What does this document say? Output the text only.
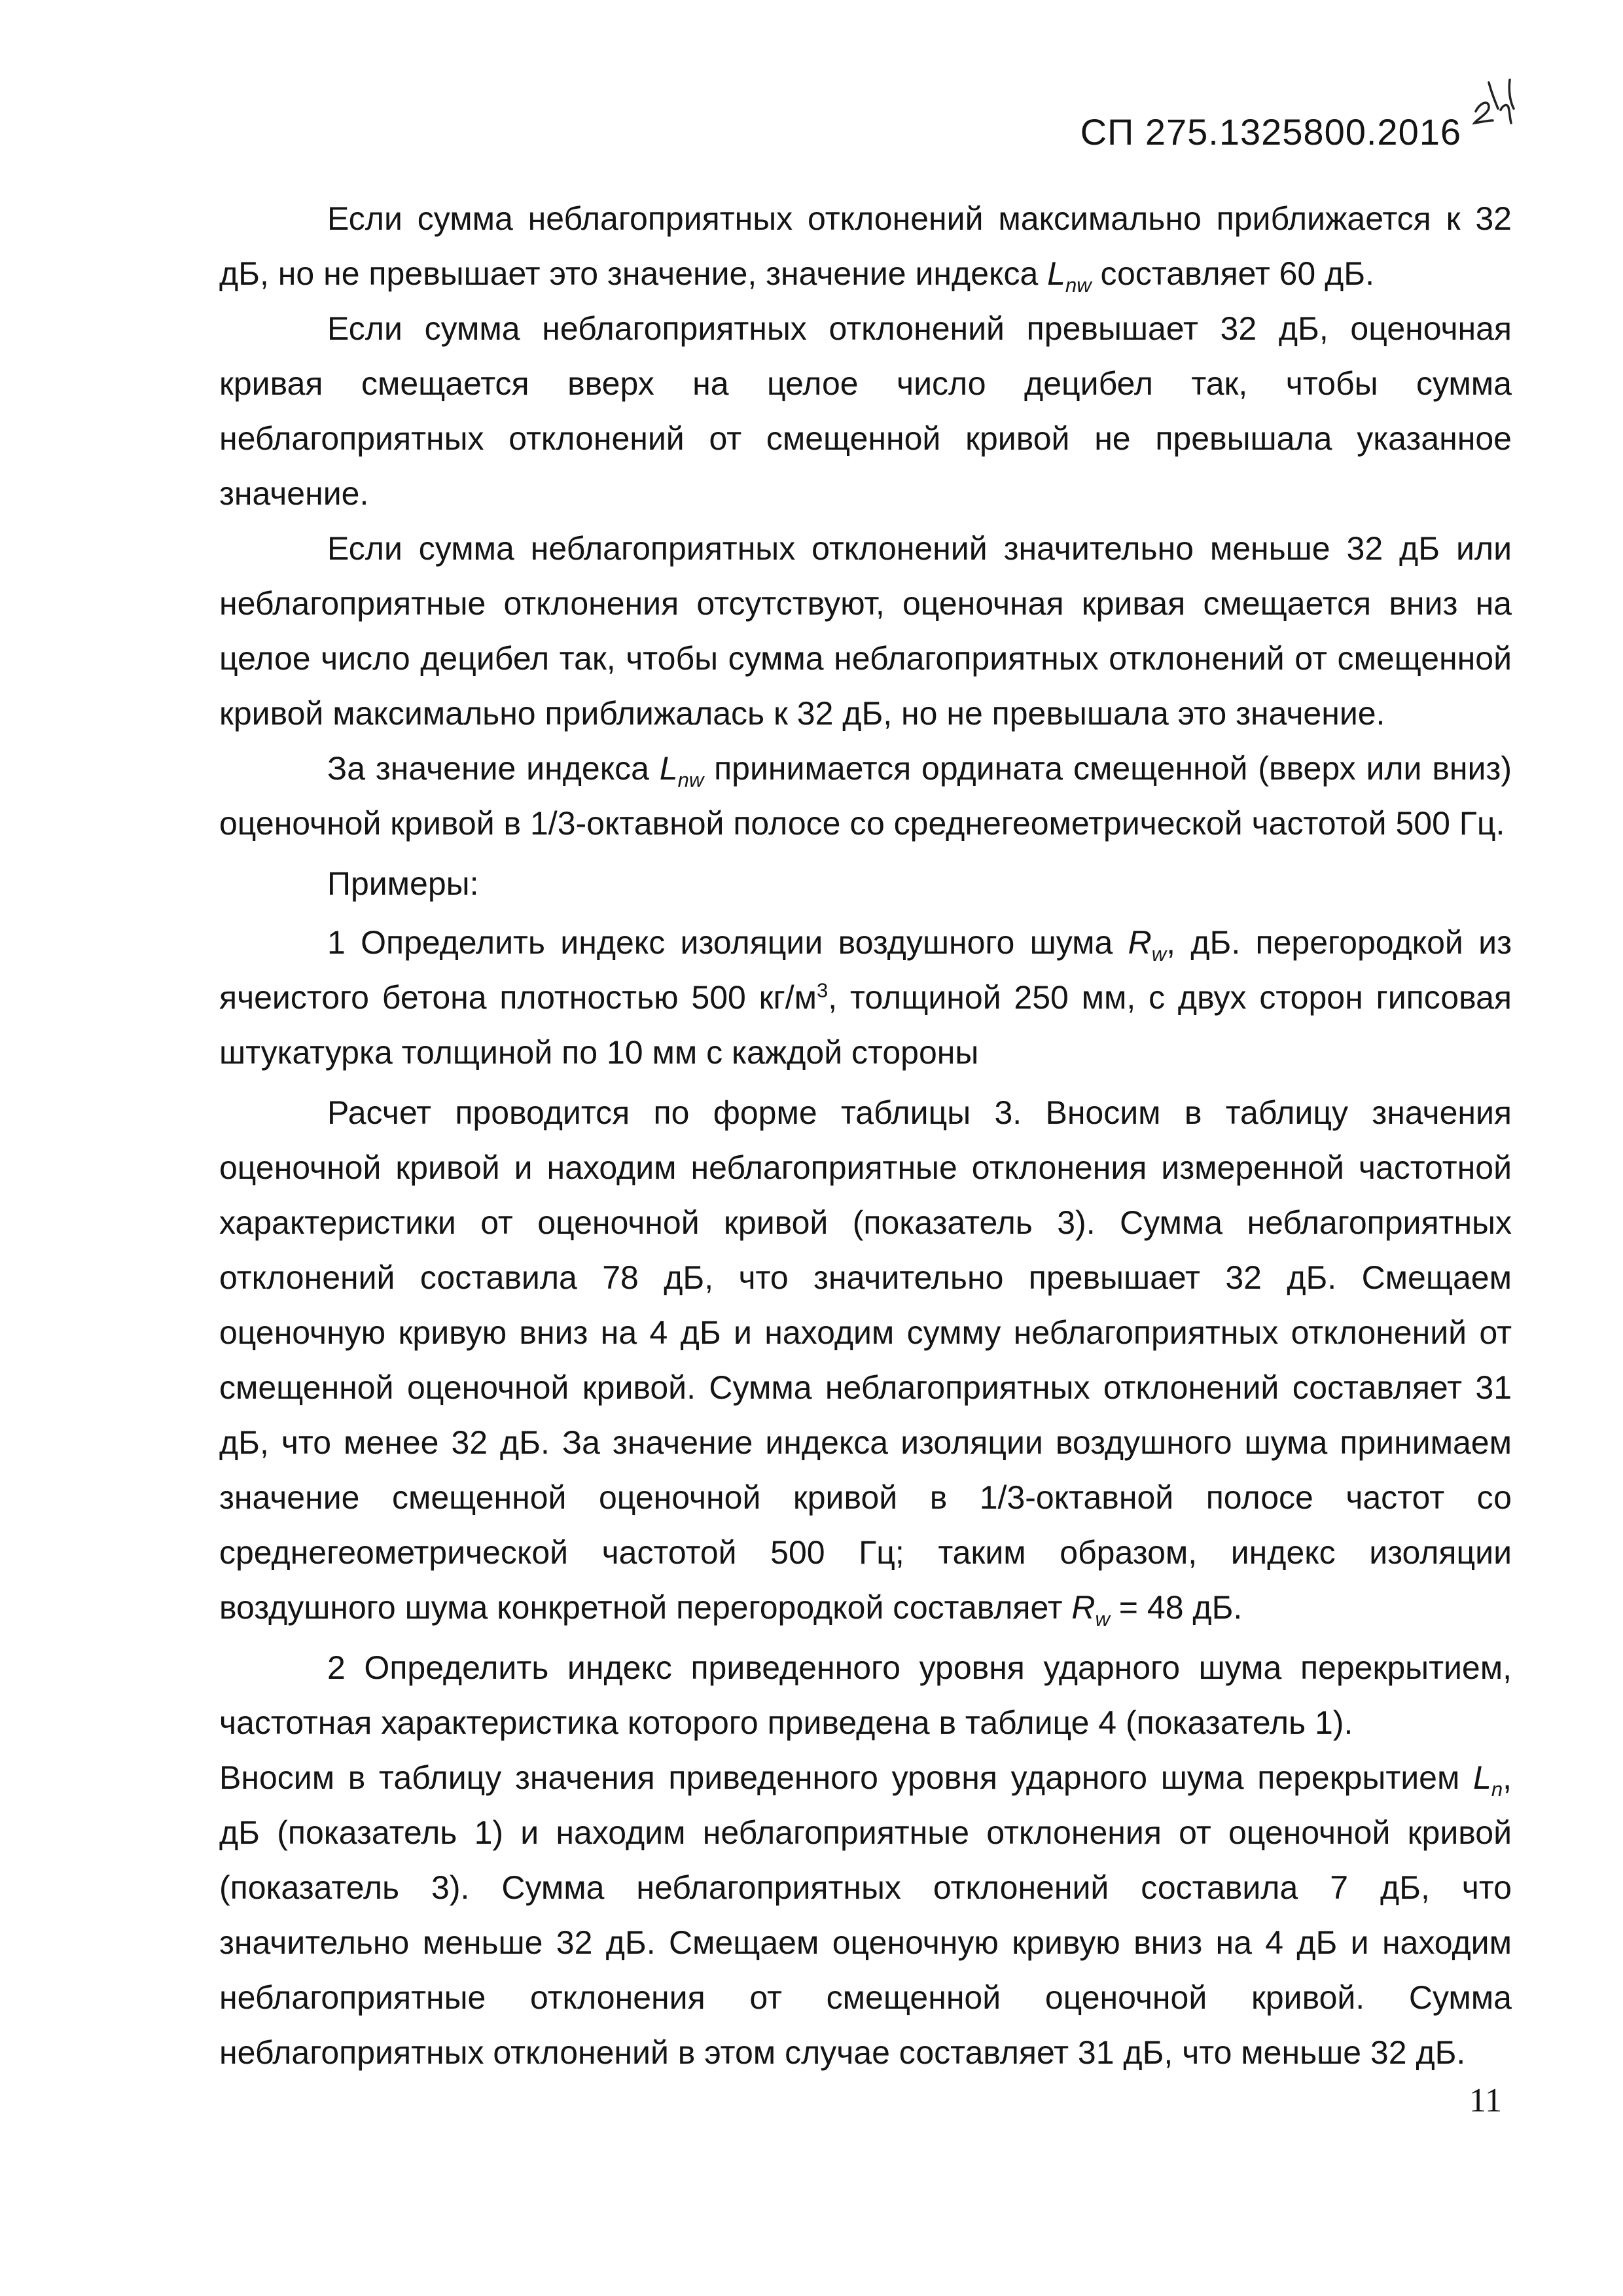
СП 275.1325800.2016

Если сумма неблагоприятных отклонений максимально приближается к 32 дБ, но не превышает это значение, значение индекса $L_{nw}$ составляет 60 дБ.

Если сумма неблагоприятных отклонений превышает 32 дБ, оценочная кривая смещается вверх на целое число децибел так, чтобы сумма неблагоприятных отклонений от смещенной кривой не превышала указанное значение.

Если сумма неблагоприятных отклонений значительно меньше 32 дБ или неблагоприятные отклонения отсутствуют, оценочная кривая смещается вниз на целое число децибел так, чтобы сумма неблагоприятных отклонений от смещенной кривой максимально приближалась к 32 дБ, но не превышала это значение.

За значение индекса $L_{nw}$ принимается ордината смещенной (вверх или вниз) оценочной кривой в 1/3-октавной полосе со среднегеометрической частотой 500 Гц.

Примеры:

1 Определить индекс изоляции воздушного шума $R_w$, дБ. перегородкой из ячеистого бетона плотностью 500 $кг/м^3$, толщиной 250 мм, с двух сторон гипсовая штукатурка толщиной по 10 мм с каждой стороны

Расчет проводится по форме таблицы 3. Вносим в таблицу значения оценочной кривой и находим неблагоприятные отклонения измеренной частотной характеристики от оценочной кривой (показатель 3). Сумма неблагоприятных отклонений составила 78 дБ, что значительно превышает 32 дБ. Смещаем оценочную кривую вниз на 4 дБ и находим сумму неблагоприятных отклонений от смещенной оценочной кривой. Сумма неблагоприятных отклонений составляет 31 дБ, что менее 32 дБ. За значение индекса изоляции воздушного шума принимаем значение смещенной оценочной кривой в 1/3-октавной полосе частот со среднегеометрической частотой 500 Гц; таким образом, индекс изоляции воздушного шума конкретной перегородкой составляет $R_w = 48$ дБ.

2 Определить индекс приведенного уровня ударного шума перекрытием, частотная характеристика которого приведена в таблице 4 (показатель 1).

Вносим в таблицу значения приведенного уровня ударного шума перекрытием $L_n$, дБ (показатель 1) и находим неблагоприятные отклонения от оценочной кривой (показатель 3). Сумма неблагоприятных отклонений составила 7 дБ, что значительно меньше 32 дБ. Смещаем оценочную кривую вниз на 4 дБ и находим неблагоприятные отклонения от смещенной оценочной кривой. Сумма неблагоприятных отклонений в этом случае составляет 31 дБ, что меньше 32 дБ.

11
